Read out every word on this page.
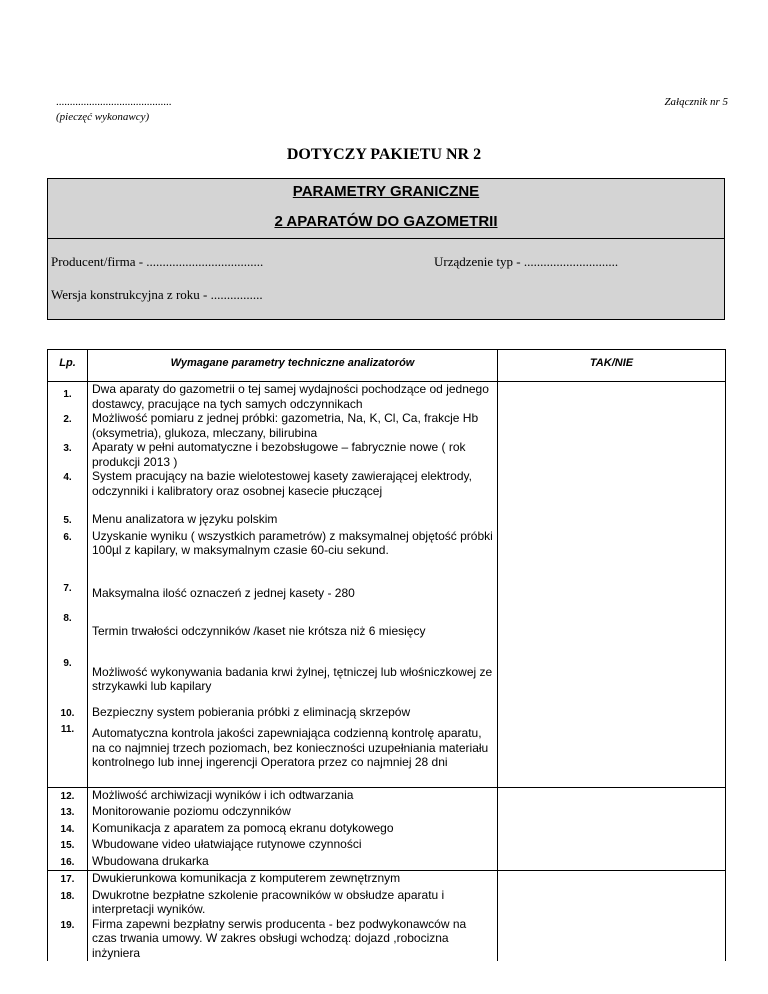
..........................................
(pieczęć wykonawcy)
Załącznik nr 5
DOTYCZY PAKIETU NR 2
PARAMETRY GRANICZNE
2 APARATÓW DO GAZOMETRII
Producent/firma - ....................................	Urządzenie typ - .............................
Wersja konstrukcyjna z roku - ................
Lp.	Wymagane parametry techniczne analizatorów	TAK/NIE
1.	Dwa aparaty do gazometrii o tej samej wydajności pochodzące od jednego dostawcy, pracujące na tych samych odczynnikach	
2.	Możliwość pomiaru z jednej próbki: gazometria, Na, K, Cl, Ca, frakcje Hb (oksymetria), glukoza, mleczany, bilirubina	
3.	Aparaty w pełni automatyczne i bezobsługowe – fabrycznie nowe ( rok produkcji 2013 )	
4.	System pracujący na bazie wielotestowej kasety zawierającej elektrody, odczynniki i kalibratory oraz osobnej kasecie płuczącej	
5.	Menu analizatora w języku polskim	
6.	Uzyskanie wyniku ( wszystkich parametrów) z maksymalnej objętość próbki 100µl z kapilary, w maksymalnym czasie 60-ciu sekund.	
7.	Maksymalna ilość oznaczeń z jednej kasety - 280	
8.	Termin trwałości odczynników /kaset nie krótsza niż 6 miesięcy	
9.	Możliwość wykonywania badania krwi żylnej, tętniczej lub włośniczkowej ze strzykawki lub kapilary	
10.	Bezpieczny system pobierania próbki z eliminacją skrzepów	
11.	Automatyczna kontrola jakości zapewniająca codzienną kontrolę aparatu, na co najmniej trzech poziomach, bez konieczności uzupełniania materiału kontrolnego lub innej ingerencji Operatora przez co najmniej 28 dni	
12.	Możliwość archiwizacji wyników i ich odtwarzania	
13.	Monitorowanie poziomu odczynników	
14.	Komunikacja z aparatem za pomocą ekranu dotykowego	
15.	Wbudowane video ułatwiające rutynowe czynności	
16.	Wbudowana drukarka	
17.	Dwukierunkowa komunikacja z komputerem zewnętrznym	
18.	Dwukrotne bezpłatne szkolenie pracowników w obsłudze aparatu i interpretacji wyników.	
19.	Firma zapewni bezpłatny serwis producenta - bez podwykonawców na czas trwania umowy. W zakres obsługi wchodzą: dojazd ,robocizna inżyniera	
